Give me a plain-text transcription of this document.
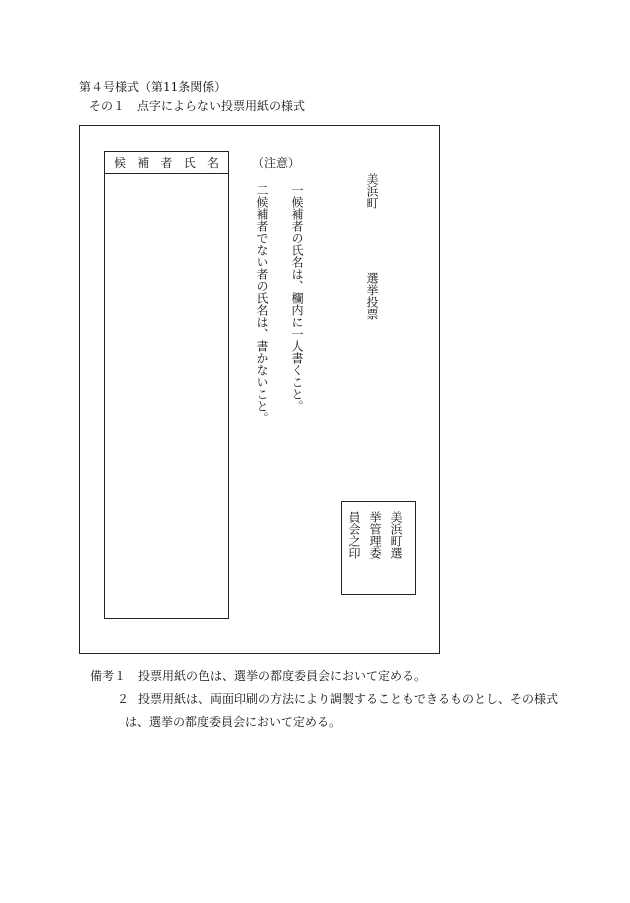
第４号様式（第11条関係）
その１　点字によらない投票用紙の様式
候 補 者 氏 名	（注意）
一候補者の氏名は、欄内に一人書くこと。
二候補者でない者の氏名は、書かないこと。	美浜町
選挙投票
美浜町選
挙管理委
員会之印
備考１ 投票用紙の色は、選挙の都度委員会において定める。
２ 投票用紙は、両面印刷の方法により調製することもできるものとし、その様式
は、選挙の都度委員会において定める。
